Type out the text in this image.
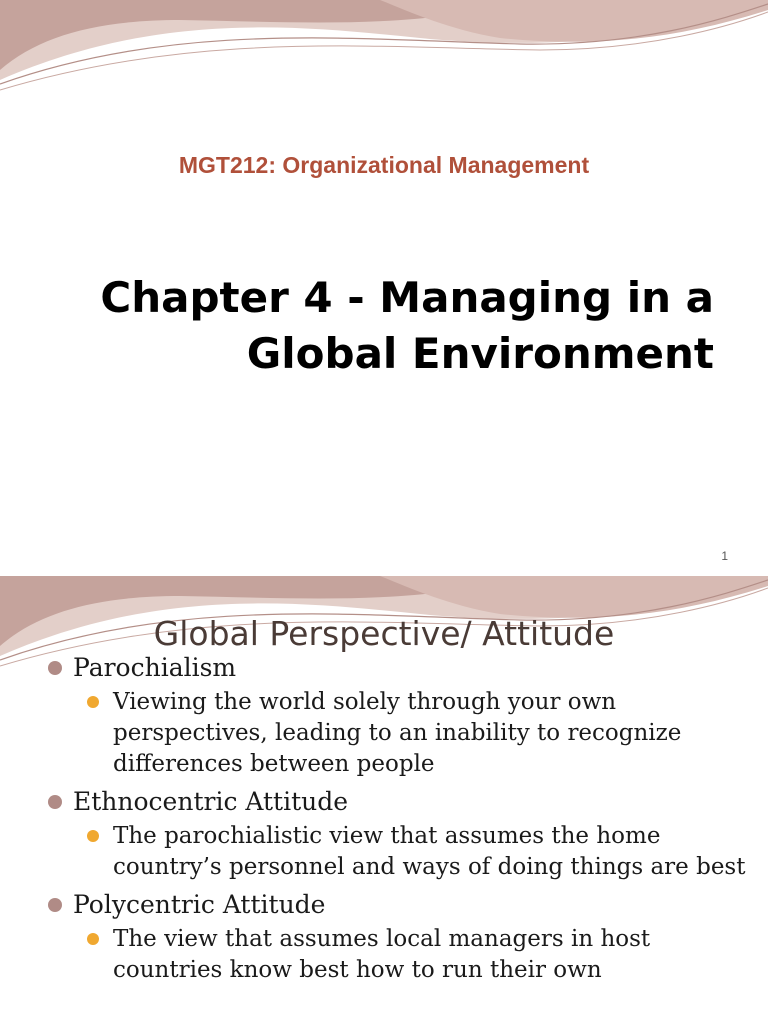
MGT212: Organizational Management
Chapter 4 - Managing in a
Global Environment
1
Global Perspective/ Attitude
Parochialism
Viewing the world solely through your own perspectives, leading to an inability to recognize differences between people
Ethnocentric Attitude
The parochialistic view that assumes the home country’s personnel and ways of doing things are best
Polycentric Attitude
The view that assumes local managers in host countries know best how to run their own
